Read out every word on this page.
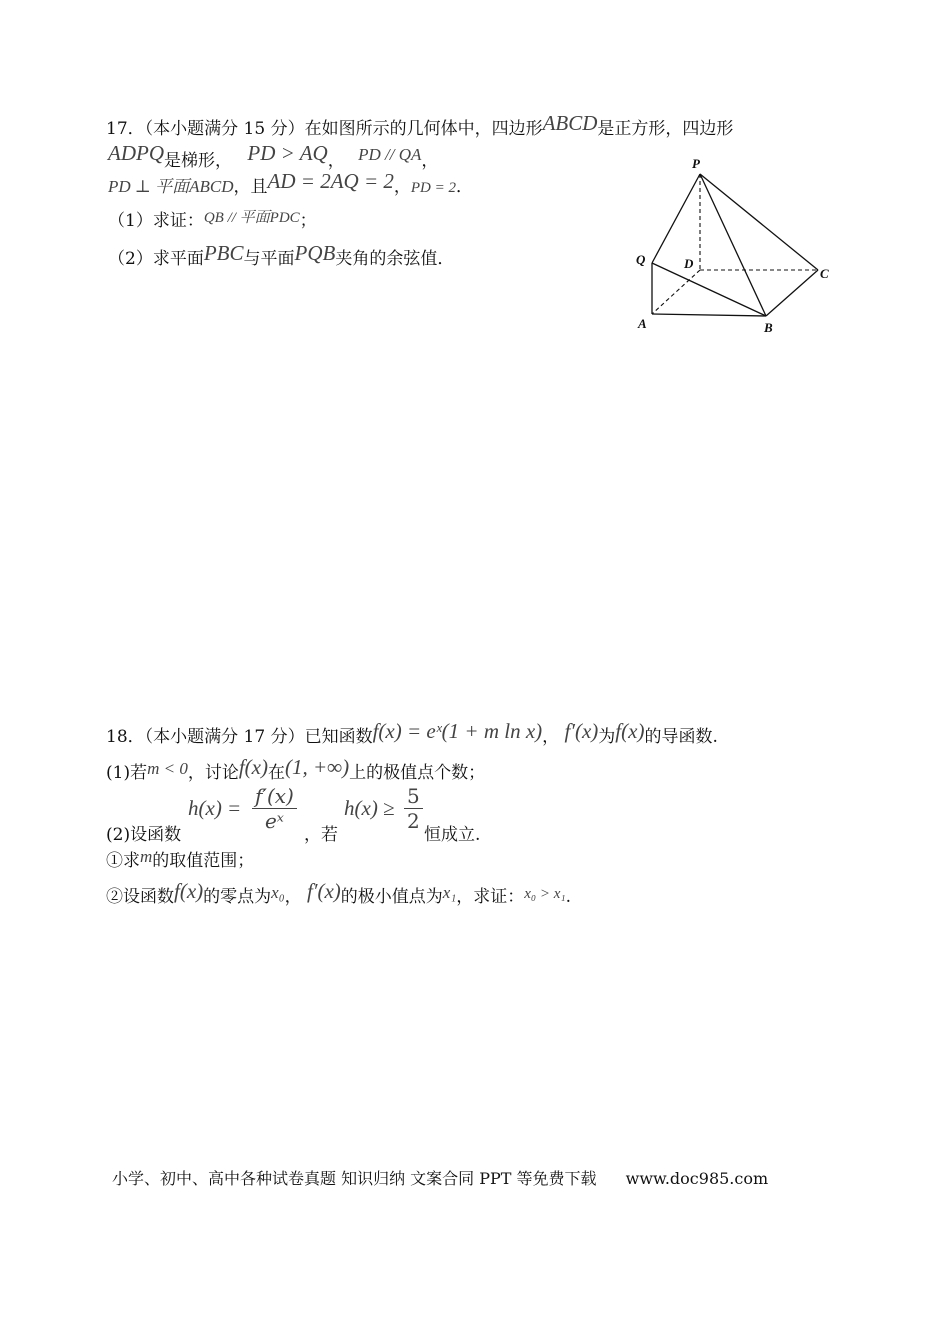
17．（本小题满分 15 分）在如图所示的几何体中，四边形ABCD是正方形，四边形
ADPQ是梯形， PD > AQ， PD // QA，
PD ⊥ 平面ABCD，且AD = 2AQ = 2，PD = 2．
（1）求证：QB // 平面PDC；
（2）求平面PBC与平面PQB夹角的余弦值．
P
Q	D
C
A	B
18．（本小题满分 17 分）已知函数f(x) = eˣ(1 + m ln x)， f′(x)为f(x)的导函数.
(1)若m < 0，讨论f(x)在(1, +∞)上的极值点个数；
(2)设函数
$h(x) = \frac{f'(x)}{\text{eˣ}}$
，若
$h(x) \ge \frac{5}{2}$
恒成立.
①求m的取值范围；
②设函数f(x)的零点为x₀， f′(x)的极小值点为x₁，求证：x₀ > x₁.
小学、初中、高中各种试卷真题 知识归纳 文案合同 PPT 等免费下载 www.doc985.com
